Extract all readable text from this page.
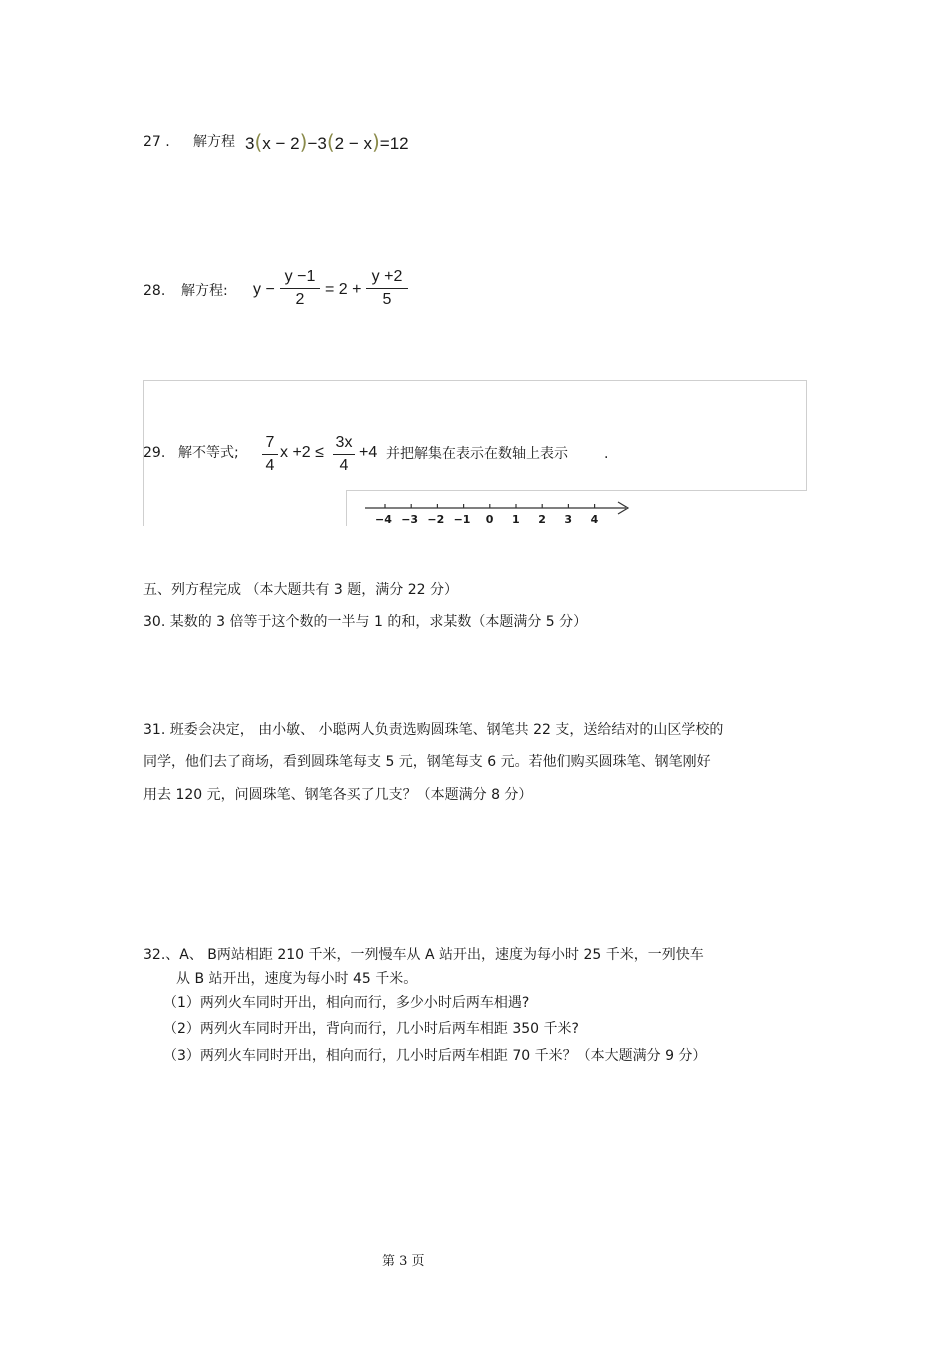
27 . 解方程 3(x − 2)−3(2 − x)=12
28. 解方程: y −
y −1
2
= 2 +
y +2
5
29. 解不等式;
7
4
x +2 ≤
3x
4
+4 并把解集在表示在数轴上表示	.
−4 −3 −2 −1 0 1 2 3 4
五、列方程完成 （本大题共有 3 题，满分 22 分）
30. 某数的 3 倍等于这个数的一半与 1 的和，求某数（本题满分 5 分）
31. 班委会决定， 由小敏、 小聪两人负责选购圆珠笔、钢笔共 22 支，送给结对的山区学校的
同学，他们去了商场，看到圆珠笔每支 5 元，钢笔每支 6 元。若他们购买圆珠笔、钢笔刚好
用去 120 元，问圆珠笔、钢笔各买了几支？（本题满分 8 分）
32.、A、 B两站相距 210 千米，一列慢车从 A 站开出，速度为每小时 25 千米，一列快车
从 B 站开出，速度为每小时 45 千米。
（1）两列火车同时开出，相向而行，多少小时后两车相遇?
（2）两列火车同时开出，背向而行，几小时后两车相距 350 千米?
（3）两列火车同时开出，相向而行，几小时后两车相距 70 千米？（本大题满分 9 分）
第 3 页
